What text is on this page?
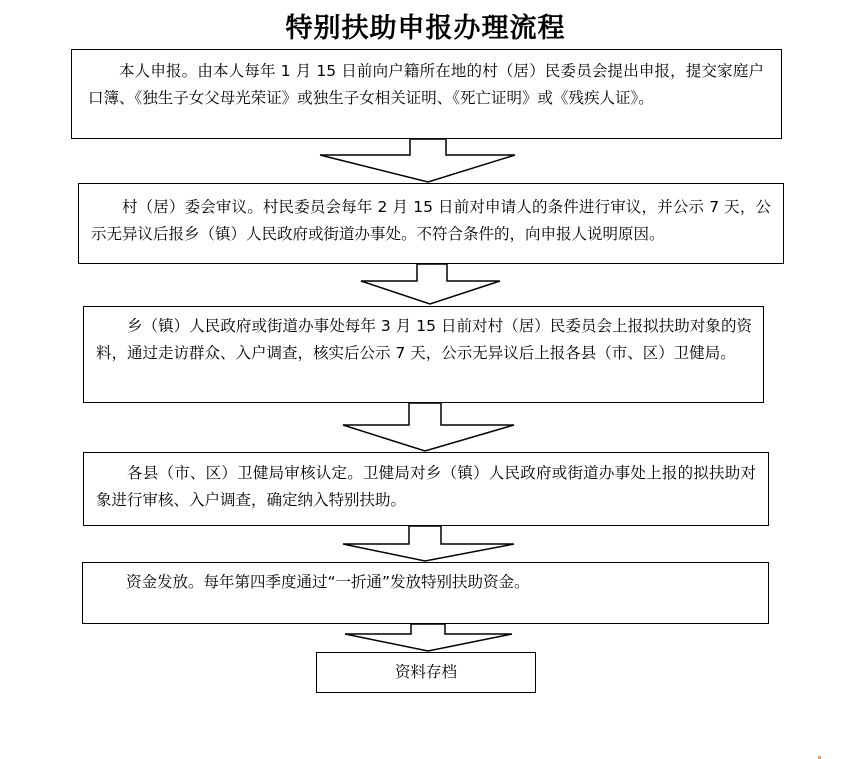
特别扶助申报办理流程
本人申报。由本人每年 1 月 15 日前向户籍所在地的村（居）民委员会提出申报，提交家庭户口簿、《独生子女父母光荣证》或独生子女相关证明、《死亡证明》或《残疾人证》。
村（居）委会审议。村民委员会每年 2 月 15 日前对申请人的条件进行审议，并公示 7 天，公示无异议后报乡（镇）人民政府或街道办事处。不符合条件的，向申报人说明原因。
乡（镇）人民政府或街道办事处每年 3 月 15 日前对村（居）民委员会上报拟扶助对象的资料，通过走访群众、入户调查，核实后公示 7 天，公示无异议后上报各县（市、区）卫健局。
各县（市、区）卫健局审核认定。卫健局对乡（镇）人民政府或街道办事处上报的拟扶助对象进行审核、入户调查，确定纳入特别扶助。
资金发放。每年第四季度通过“一折通”发放特别扶助资金。
资料存档
